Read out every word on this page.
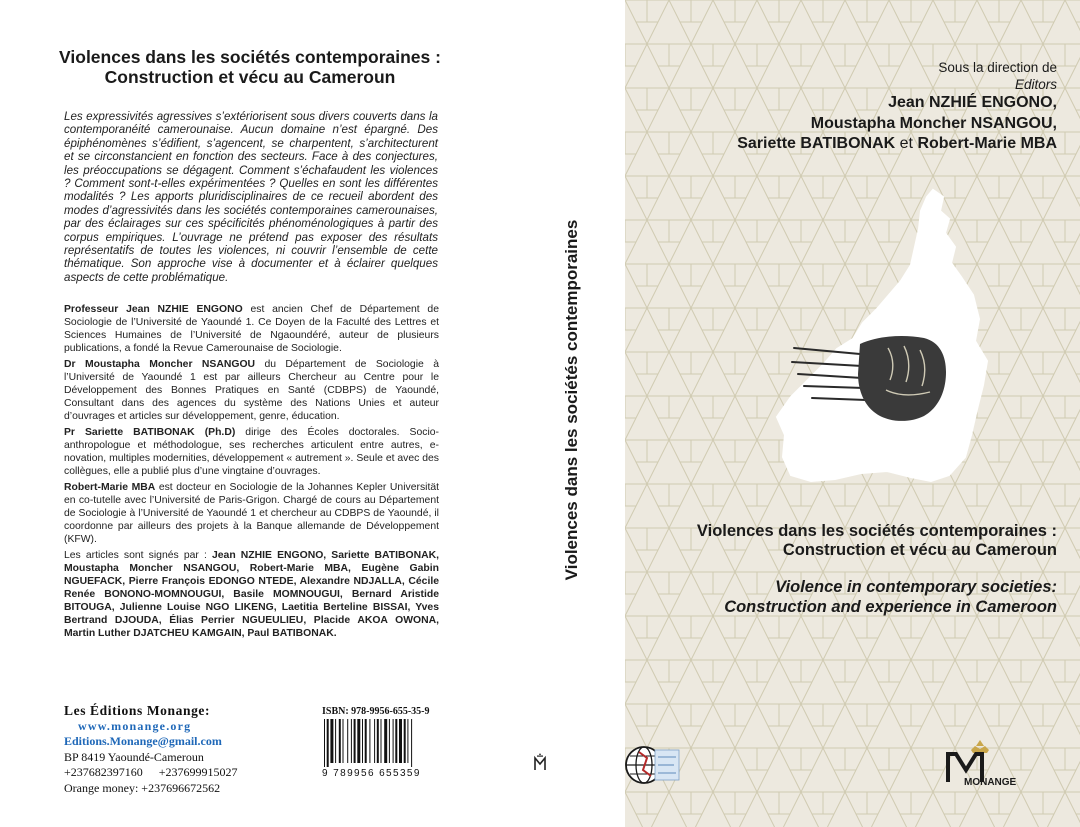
Violences dans les sociétés contemporaines :
Construction et vécu au Cameroun

Les expressivités agressives s’extériorisent sous divers couverts dans la contemporanéité camerounaise. Aucun domaine n’est épargné. Des épiphénomènes s’édifient, s’agencent, se charpentent, s’architecturent et se circonstancient en fonction des secteurs. Face à des conjectures, les préoccupations se dégagent. Comment s’échafaudent les violences ? Comment sont-t-elles expérimentées ? Quelles en sont les différentes modalités ? Les apports pluridisciplinaires de ce recueil abordent des modes d’agressivités dans les sociétés contemporaines camerounaises, par des éclairages sur ces spécificités phénoménologiques à partir des corpus empiriques. L’ouvrage ne prétend pas exposer des résultats représentatifs de toutes les violences, ni couvrir l’ensemble de cette thématique. Son approche vise à documenter et à éclairer quelques aspects de cette problématique.

Professeur Jean NZHIE ENGONO est ancien Chef de Département de Sociologie de l’Université de Yaoundé 1. Ce Doyen de la Faculté des Lettres et Sciences Humaines de l’Université de Ngaoundéré, auteur de plusieurs publications, a fondé la Revue Camerounaise de Sociologie.

Dr Moustapha Moncher NSANGOU du Département de Sociologie à l’Université de Yaoundé 1 est par ailleurs Chercheur au Centre pour le Développement des Bonnes Pratiques en Santé (CDBPS) de Yaoundé, Consultant dans des agences du système des Nations Unies et auteur d’ouvrages et articles sur développement, genre, éducation.

Pr Sariette BATIBONAK (Ph.D) dirige des Écoles doctorales. Socio-anthropologue et méthodologue, ses recherches articulent entre autres, e-novation, multiples modernities, développement « autrement ». Seule et avec des collègues, elle a publié plus d’une vingtaine d’ouvrages.

Robert-Marie MBA est docteur en Sociologie de la Johannes Kepler Universität en co-tutelle avec l’Université de Paris-Grigon. Chargé de cours au Département de Sociologie à l’Université de Yaoundé 1 et chercheur au CDBPS de Yaoundé, il coordonne par ailleurs des projets à la Banque allemande de Développement (KFW).

Les articles sont signés par : Jean NZHIE ENGONO, Sariette BATIBONAK, Moustapha Moncher NSANGOU, Robert-Marie MBA, Eugène Gabin NGUEFACK, Pierre François EDONGO NTEDE, Alexandre NDJALLA, Cécile Renée BONONO-MOMNOUGUI, Basile MOMNOUGUI, Bernard Aristide BITOUGA, Julienne Louise NGO LIKENG, Laetitia Berteline BISSAI, Yves Bertrand DJOUDA, Élias Perrier NGUEULIEU, Placide AKOA OWONA, Martin Luther DJATCHEU KAMGAIN, Paul BATIBONAK.

Les Éditions Monange:
www.monange.org
Editions.Monange@gmail.com
BP 8419 Yaoundé-Cameroun
+237682397160 +237699915027
Orange money: +237696672562
ISBN: 978-9956-655-35-9
9 789956 655359
Violences dans les sociétés contemporaines
Sous la direction de
Editors
Jean NZHIÉ ENGONO,
Moustapha Moncher NSANGOU,
Sariette BATIBONAK et Robert-Marie MBA
Violences dans les sociétés contemporaines :
Construction et vécu au Cameroun
Violence in contemporary societies:
Construction and experience in Cameroon
MONANGE
